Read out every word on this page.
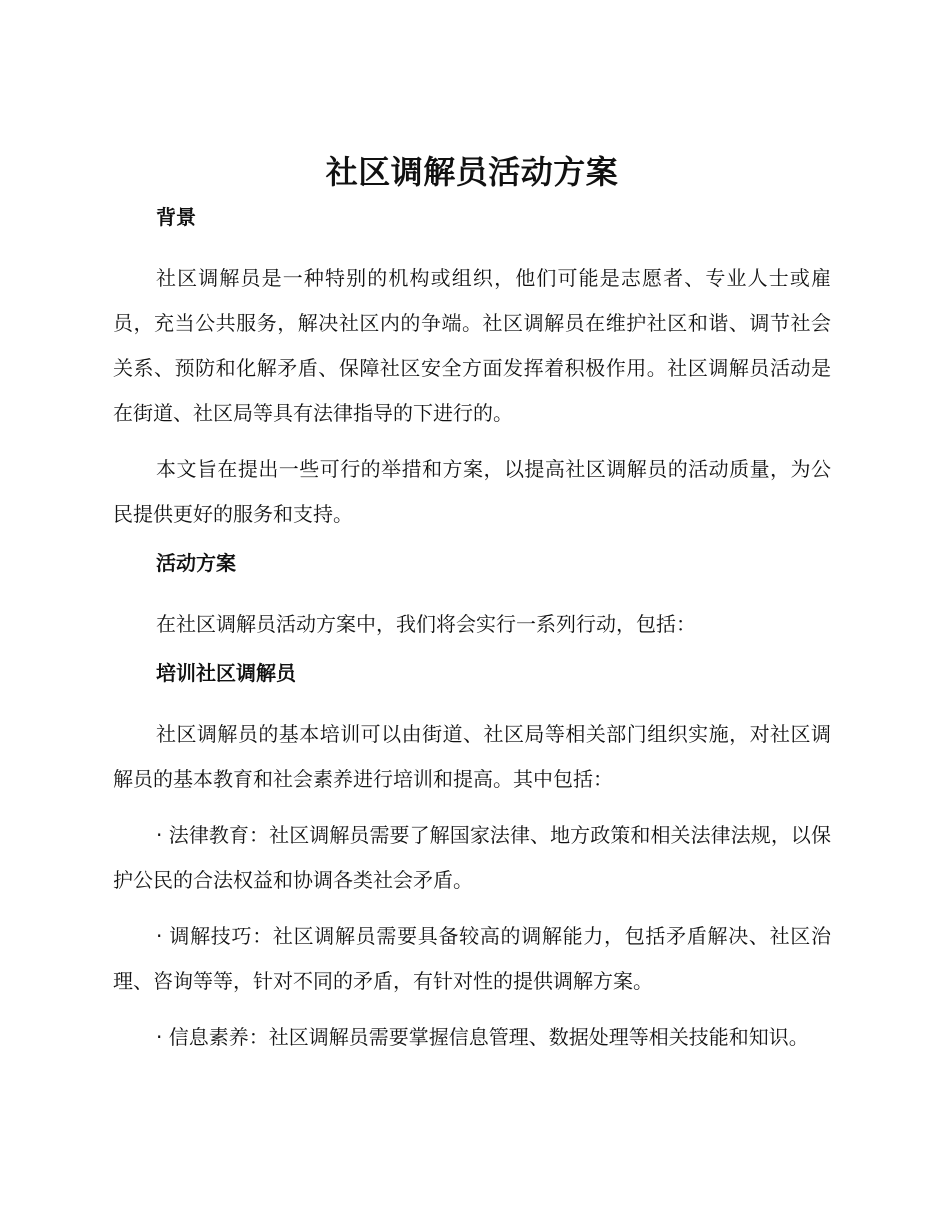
社区调解员活动方案
背景
社区调解员是一种特别的机构或组织，他们可能是志愿者、专业人士或雇员，充当公共服务，解决社区内的争端。社区调解员在维护社区和谐、调节社会关系、预防和化解矛盾、保障社区安全方面发挥着积极作用。社区调解员活动是在街道、社区局等具有法律指导的下进行的。
本文旨在提出一些可行的举措和方案，以提高社区调解员的活动质量，为公民提供更好的服务和支持。
活动方案
在社区调解员活动方案中，我们将会实行一系列行动，包括：
培训社区调解员
社区调解员的基本培训可以由街道、社区局等相关部门组织实施，对社区调解员的基本教育和社会素养进行培训和提高。其中包括：
· 法律教育：社区调解员需要了解国家法律、地方政策和相关法律法规，以保护公民的合法权益和协调各类社会矛盾。
· 调解技巧：社区调解员需要具备较高的调解能力，包括矛盾解决、社区治理、咨询等等，针对不同的矛盾，有针对性的提供调解方案。
· 信息素养：社区调解员需要掌握信息管理、数据处理等相关技能和知识。
